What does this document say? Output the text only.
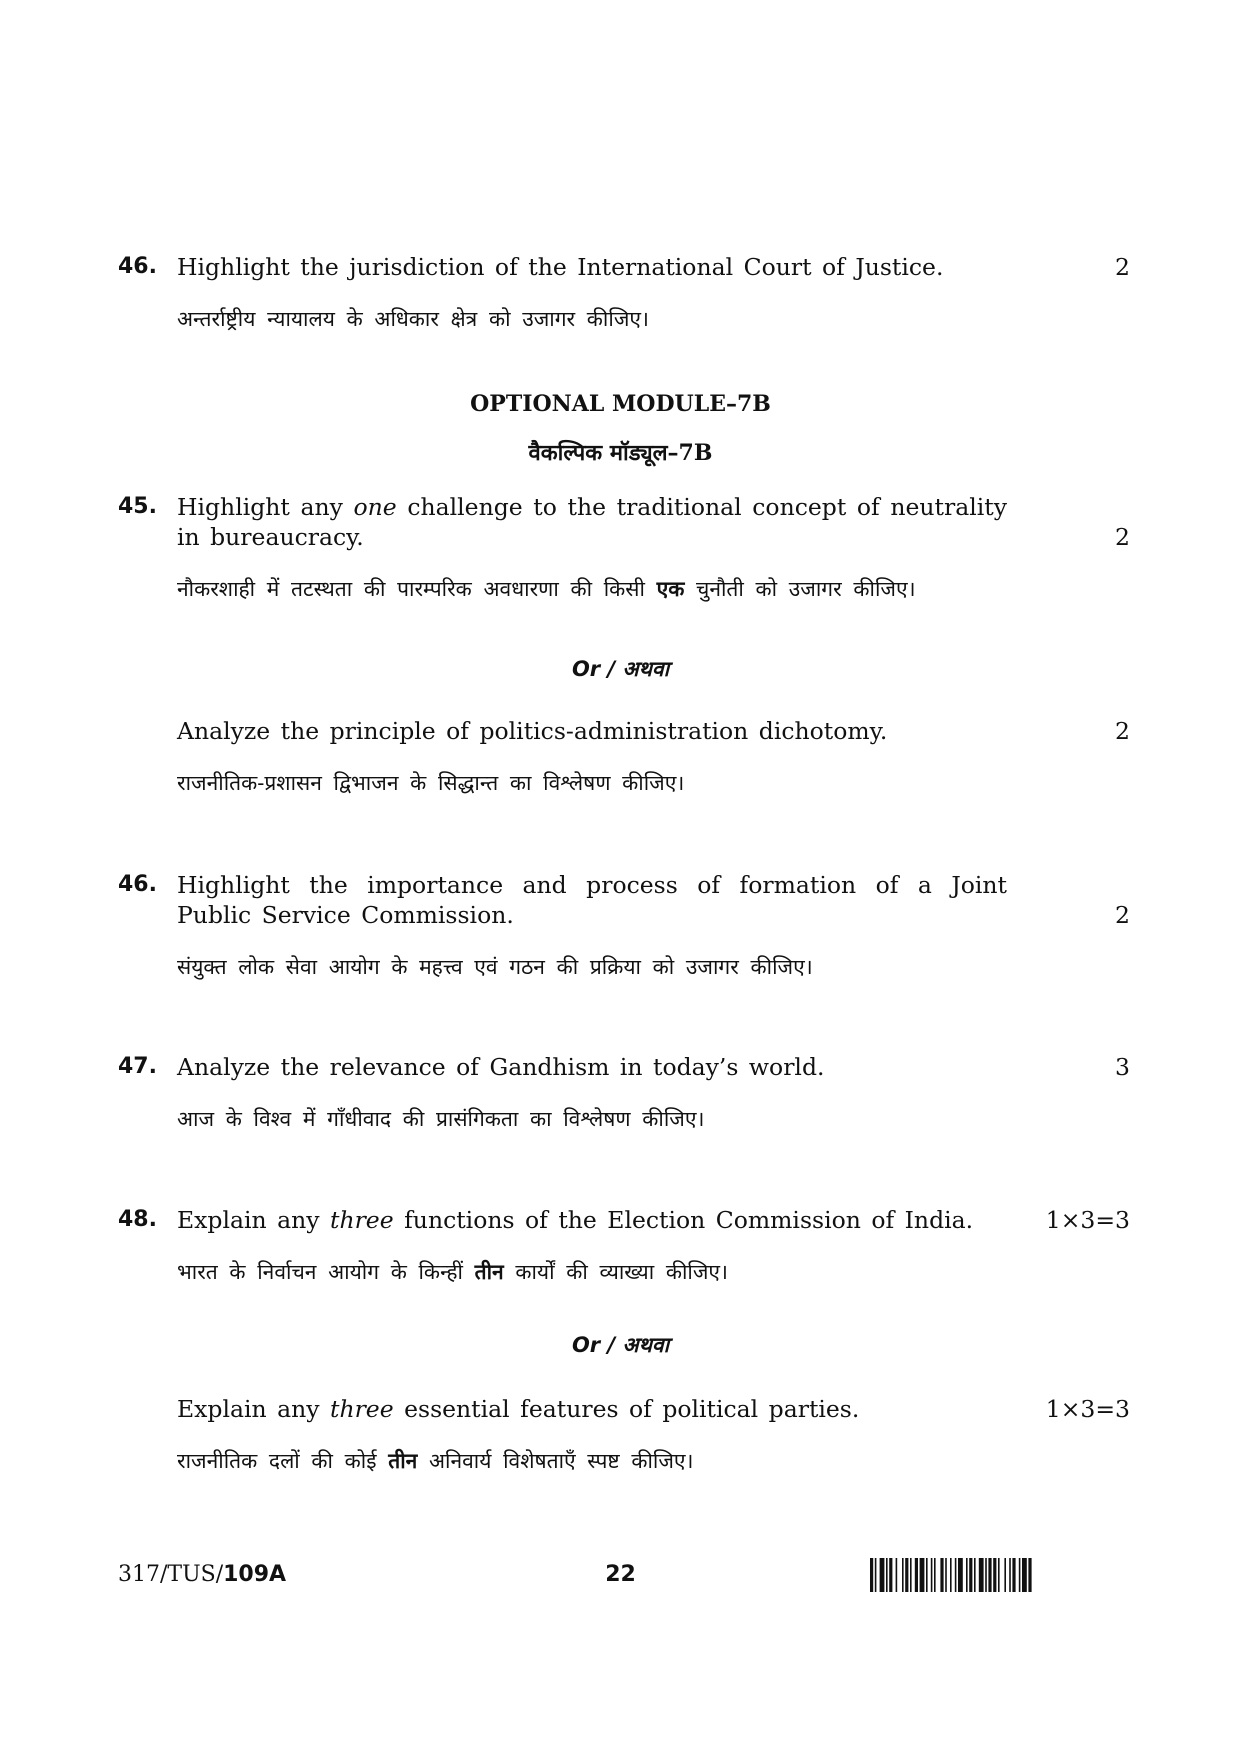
46. Highlight the jurisdiction of the International Court of Justice.	2
अन्तर्राष्ट्रीय न्यायालय के अधिकार क्षेत्र को उजागर कीजिए।
OPTIONAL MODULE–7B
वैकल्पिक मॉड्यूल–7B
45. Highlight any one challenge to the traditional concept of neutrality in bureaucracy.	2
नौकरशाही में तटस्थता की पारम्परिक अवधारणा की किसी एक चुनौती को उजागर कीजिए।
Or / अथवा
Analyze the principle of politics-administration dichotomy.	2
राजनीतिक-प्रशासन द्विभाजन के सिद्धान्त का विश्लेषण कीजिए।
46. Highlight the importance and process of formation of a Joint Public Service Commission.	2
संयुक्त लोक सेवा आयोग के महत्त्व एवं गठन की प्रक्रिया को उजागर कीजिए।
47. Analyze the relevance of Gandhism in today’s world.	3
आज के विश्व में गाँधीवाद की प्रासंगिकता का विश्लेषण कीजिए।
48. Explain any three functions of the Election Commission of India.	1×3=3
भारत के निर्वाचन आयोग के किन्हीं तीन कार्यों की व्याख्या कीजिए।
Or / अथवा
Explain any three essential features of political parties.	1×3=3
राजनीतिक दलों की कोई तीन अनिवार्य विशेषताएँ स्पष्ट कीजिए।
317/TUS/109A	22
